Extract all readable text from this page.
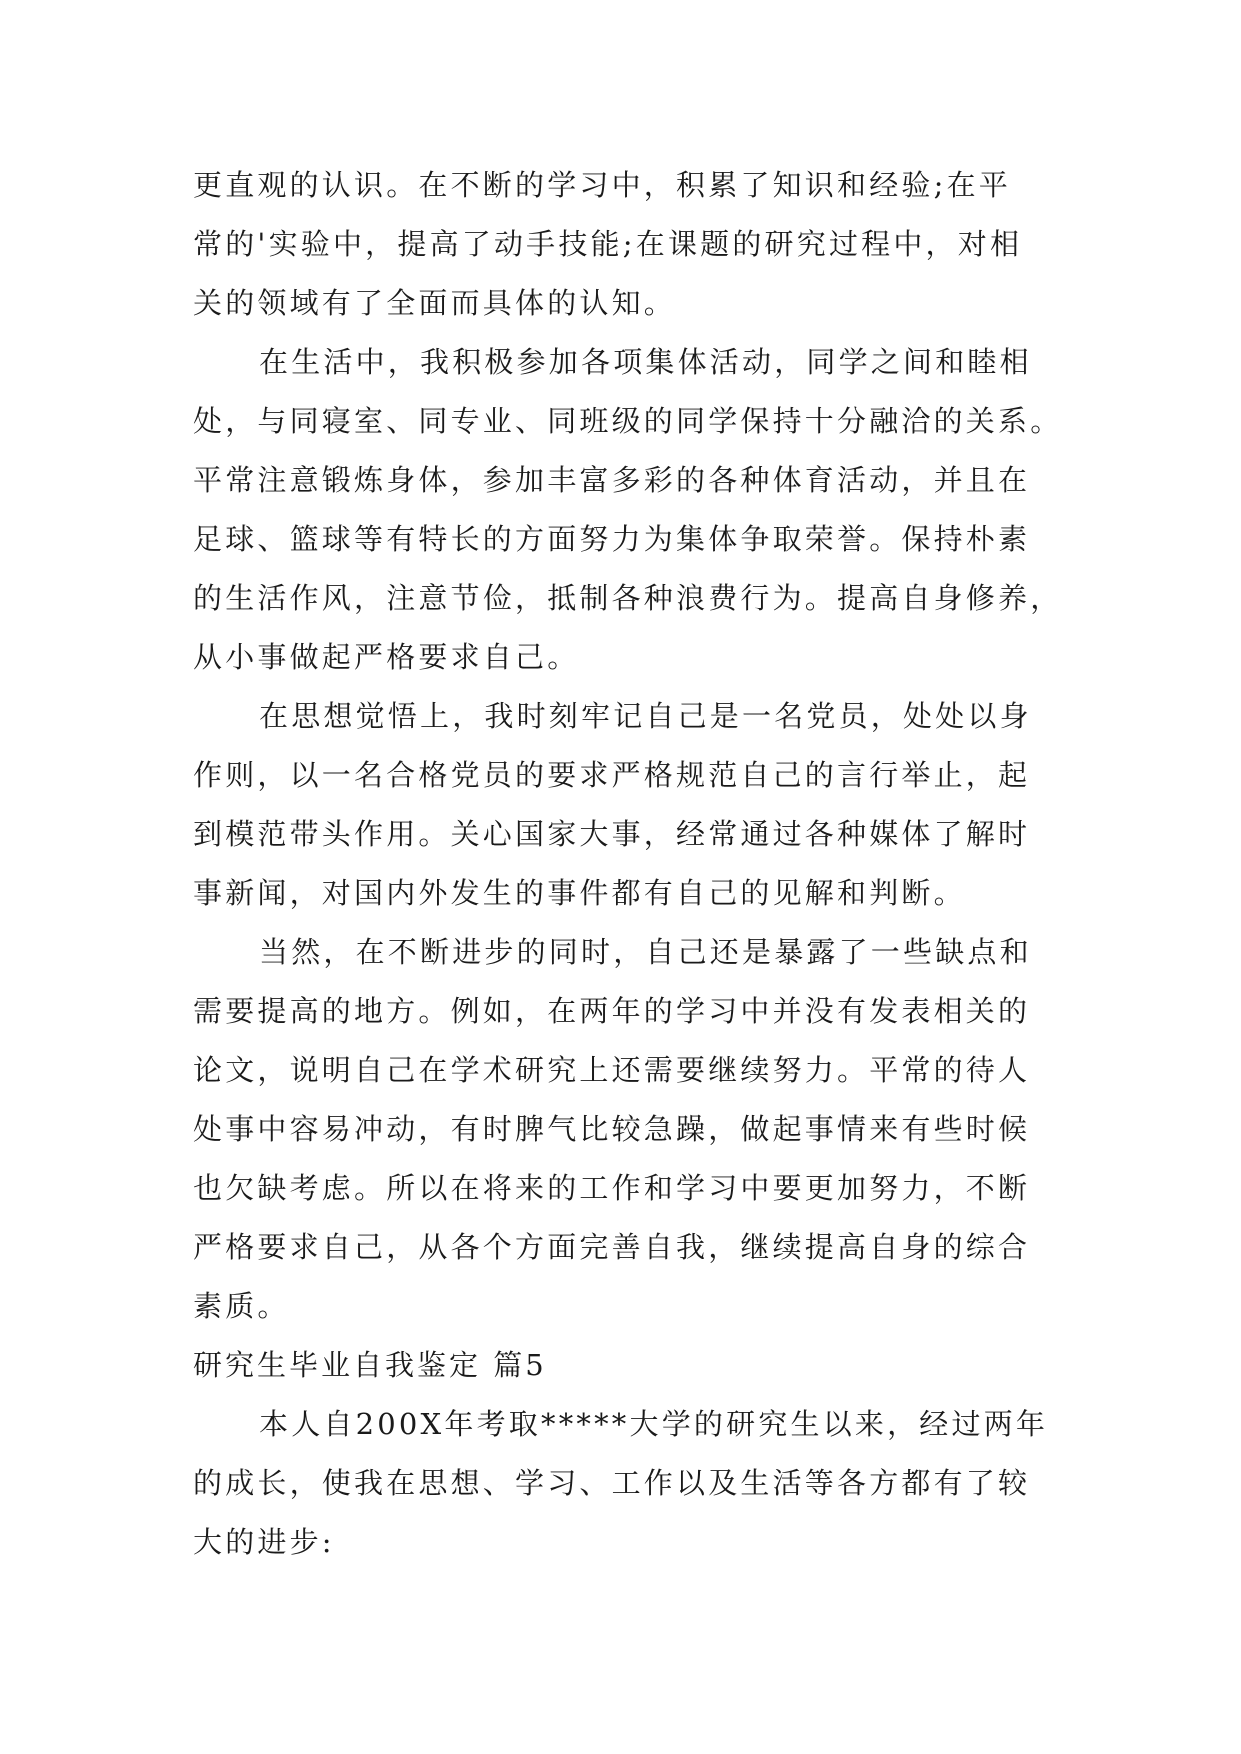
更直观的认识。在不断的学习中，积累了知识和经验;在平
常的'实验中，提高了动手技能;在课题的研究过程中，对相
关的领域有了全面而具体的认知。
在生活中，我积极参加各项集体活动，同学之间和睦相
处，与同寝室、同专业、同班级的同学保持十分融洽的关系。
平常注意锻炼身体，参加丰富多彩的各种体育活动，并且在
足球、篮球等有特长的方面努力为集体争取荣誉。保持朴素
的生活作风，注意节俭，抵制各种浪费行为。提高自身修养，
从小事做起严格要求自己。
在思想觉悟上，我时刻牢记自己是一名党员，处处以身
作则，以一名合格党员的要求严格规范自己的言行举止，起
到模范带头作用。关心国家大事，经常通过各种媒体了解时
事新闻，对国内外发生的事件都有自己的见解和判断。
当然，在不断进步的同时，自己还是暴露了一些缺点和
需要提高的地方。例如，在两年的学习中并没有发表相关的
论文，说明自己在学术研究上还需要继续努力。平常的待人
处事中容易冲动，有时脾气比较急躁，做起事情来有些时候
也欠缺考虑。所以在将来的工作和学习中要更加努力，不断
严格要求自己，从各个方面完善自我，继续提高自身的综合
素质。
研究生毕业自我鉴定 篇5
本人自200X年考取*****大学的研究生以来，经过两年
的成长，使我在思想、学习、工作以及生活等各方都有了较
大的进步:
